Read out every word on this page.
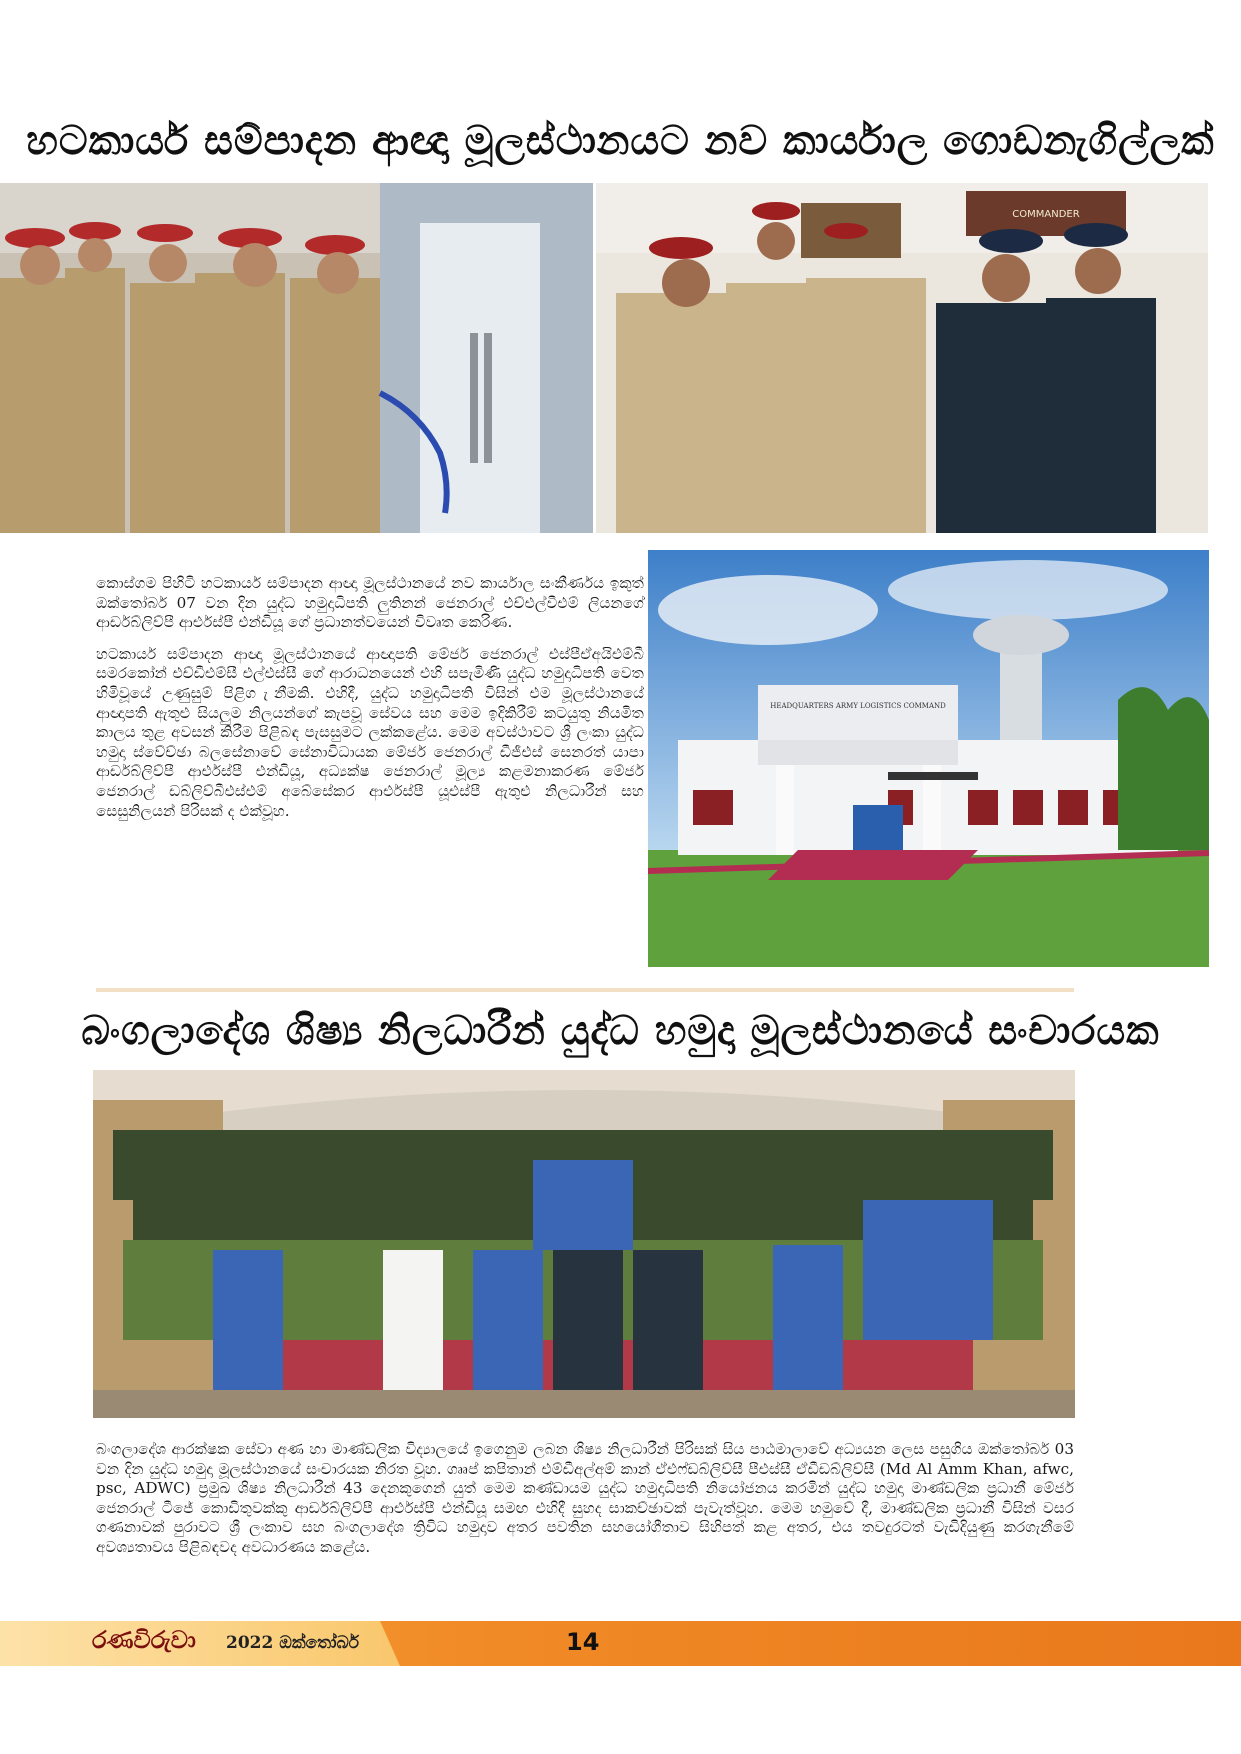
හටකාර්ය සම්පාදන ආඥා මූලස්ථානයට නව කාර්යාල ගොඩනැගිල්ලක්
COMMANDER

කොස්ගම පිහිටි හටකාර්ය සම්පාදන ආඥා මූලස්ථානයේ නව කාර්යාල සංකීර්ණය ඉකුත් ඔක්තෝබර් 07 වන දින යුද්ධ හමුදාධිපති ලුතිනන් ජෙනරාල් එච්එල්වීඑම් ලියනගේ ආර්ඩබ්ලිව්පී ආර්එස්පී එන්ඩියූ ගේ ප්‍රධානත්වයෙන් විවෘත කෙරිණ.

හටකාර්ය සම්පාදන ආඥා මූලස්ථානයේ ආඥාපති මේජර් ජෙනරාල් එස්පීඒඅයිඑම්බී සමරකෝන් එච්ඩීඑම්සී එල්එස්සී ගේ ආරාධනයෙන් එහි සපැමිණි යුද්ධ හමුදාධිපති වෙත හිමිවූයේ උණුසුම් පිළිග ැනීමකි. එහිදී, යුද්ධ හමුදාධිපති විසින් එම මූලස්ථානයේ ආඥාපති ඇතුළු සියලුම නිලයන්ගේ කැපවූ සේවය සහ මෙම ඉදිකිරීම් කටයුතු නියමිත කාලය තුළ අවසන් කිරීම පිළිබඳ පැසසුමට ලක්කළේය. මෙම අවස්ථාවට ශ්‍රී ලංකා යුද්ධ හමුදා ස්වේච්ඡා බලසේනාවේ සේනාවිධායක මේජර් ජෙනරාල් ඩීජීඑස් සෙනරත් යාපා ආර්ඩබ්ලිව්පී ආර්එස්පී එන්ඩියූ, අධ්‍යක්ෂ ජෙනරාල් මූල්‍ය කළමනාකරණ මේජර් ජෙනරාල් ඩබ්ලිව්බීඑස්එම් අබේසේකර ආර්එස්පී යූඑස්පී ඇතුළු නිලධාරීන් සහ සෙසුනිලයන් පිරිසක් ද එක්වූහ.

HEADQUARTERS ARMY LOGISTICS COMMAND
බංගලාදේශ ශිෂ්‍ය නිලධාරීන් යුද්ධ හමුදා මූලස්ථානයේ සංචාරයක

බංගලාදේශ ආරක්ෂක සේවා අණ හා මාණ්ඩලික විද්‍යාලයේ ඉගෙනුම ලබන ශිෂ්‍ය නිලධාරීන් පිරිසක් සිය පාඨමාලාවේ අධ්‍යයන ලෙස පසුගිය ඔක්තෝබර් 03 වන දින යුද්ධ හමුදා මූලස්ථානයේ සංචාරයක නිරත වූහ. ගෲප් කපිතාන් එම්ඩීඅල්අම් කාන් ඒඑෆ්ඩබ්ලිව්සී පීඑස්සී ඒඩීඩබ්ලිව්සී (Md Al Amm Khan, afwc, psc, ADWC) ප්‍රමුඛ ශිෂ්‍ය නිලධාරීන් 43 දෙනකුගෙන් යුත් මෙම කණ්ඩායම යුද්ධ හමුදාධිපති නියෝජනය කරමින් යුද්ධ හමුදා මාණ්ඩලික ප්‍රධානී මේජර් ජෙනරාල් ටීජේ කොඩිතුවක්කු ආර්ඩබ්ලිව්පී ආර්එස්පී එන්ඩියූ සමඟ එහිදී සුහද සාකච්ඡාවක් පැවැත්වූහ. මෙම හමුවේ දී, මාණ්ඩලික ප්‍රධානී විසින් වසර ගණනාවක් පුරාවට ශ්‍රී ලංකාව සහ බංගලාදේශ ත්‍රිවිධ හමුදාව අතර පවතින සහයෝගීතාව සිහිපත් කළ අතර, එය තවදුරටත් වැඩිදියුණු කරගැනීමේ අවශ්‍යතාවය පිළිබඳවද අවධාරණය කළේය.

රණවිරුවා 2022 ඔක්තෝබර්	14
